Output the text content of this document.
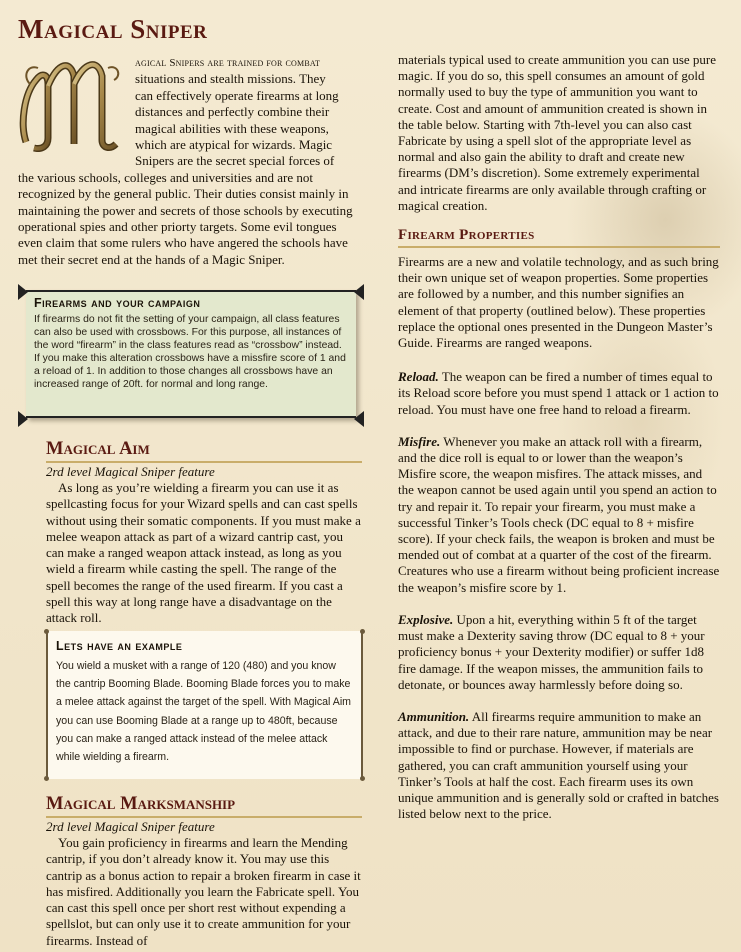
Magical Sniper

agical Snipers are trained for combat
situations and stealth missions. They
can effectively operate firearms at long
distances and perfectly combine their
magical abilities with these weapons,
which are atypical for wizards. Magic
Snipers are the secret special forces of
the various schools, colleges and universities and are not recognized by the general public. Their duties consist mainly in maintaining the power and secrets of those schools by executing operational spies and other priorty targets. Some evil tongues even claim that some rulers who have angered the schools have met their secret end at the hands of a Magic Sniper.

Firearms and your campaign

If firearms do not fit the setting of your campaign, all class features can also be used with crossbows. For this purpose, all instances of the word “firearm” in the class features read as “crossbow” instead. If you make this alteration crossbows have a missfire score of 1 and a reload of 1. In addition to those changes all crossbows have an increased range of 20ft. for normal and long range.

Magical Aim

2rd level Magical Sniper feature

As long as you’re wielding a firearm you can use it as spellcasting focus for your Wizard spells and can cast spells without using their somatic components. If you must make a melee weapon attack as part of a wizard cantrip cast, you can make a ranged weapon attack instead, as long as you wield a firearm while casting the spell. The range of the spell becomes the range of the used firearm. If you cast a spell this way at long range have a disadvantage on the attack roll.

Lets have an example

You wield a musket with a range of 120 (480) and you know the cantrip Booming Blade. Booming Blade forces you to make a melee attack against the target of the spell. With Magical Aim you can use Booming Blade at a range up to 480ft, because you can make a ranged attack instead of the melee attack while wielding a firearm.

Magical Marksmanship

2rd level Magical Sniper feature

You gain proficiency in firearms and learn the Mending cantrip, if you don’t already know it. You may use this cantrip as a bonus action to repair a broken firearm in case it has misfired. Additionally you learn the Fabricate spell. You can cast this spell once per short rest without expending a spellslot, but can only use it to create ammunition for your firearms. Instead of

materials typical used to create ammunition you can use pure magic. If you do so, this spell consumes an amount of gold normally used to buy the type of ammunition you want to create. Cost and amount of ammunition created is shown in the table below. Starting with 7th-level you can also cast Fabricate by using a spell slot of the appropriate level as normal and also gain the ability to draft and create new firearms (DM’s discretion). Some extremely experimental and intricate firearms are only available through crafting or magical creation.

Firearm Properties

Firearms are a new and volatile technology, and as such bring their own unique set of weapon properties. Some properties are followed by a number, and this number signifies an element of that property (outlined below). These properties replace the optional ones presented in the Dungeon Master’s Guide. Firearms are ranged weapons.

Reload. The weapon can be fired a number of times equal to its Reload score before you must spend 1 attack or 1 action to reload. You must have one free hand to reload a firearm.

Misfire. Whenever you make an attack roll with a firearm, and the dice roll is equal to or lower than the weapon’s Misfire score, the weapon misfires. The attack misses, and the weapon cannot be used again until you spend an action to try and repair it. To repair your firearm, you must make a successful Tinker’s Tools check (DC equal to 8 + misfire score). If your check fails, the weapon is broken and must be mended out of combat at a quarter of the cost of the firearm. Creatures who use a firearm without being proficient increase the weapon’s misfire score by 1.

Explosive. Upon a hit, everything within 5 ft of the target must make a Dexterity saving throw (DC equal to 8 + your proficiency bonus + your Dexterity modifier) or suffer 1d8 fire damage. If the weapon misses, the ammunition fails to detonate, or bounces away harmlessly before doing so.

Ammunition. All firearms require ammunition to make an attack, and due to their rare nature, ammunition may be near impossible to find or purchase. However, if materials are gathered, you can craft ammunition yourself using your Tinker’s Tools at half the cost. Each firearm uses its own unique ammunition and is generally sold or crafted in batches listed below next to the price.
